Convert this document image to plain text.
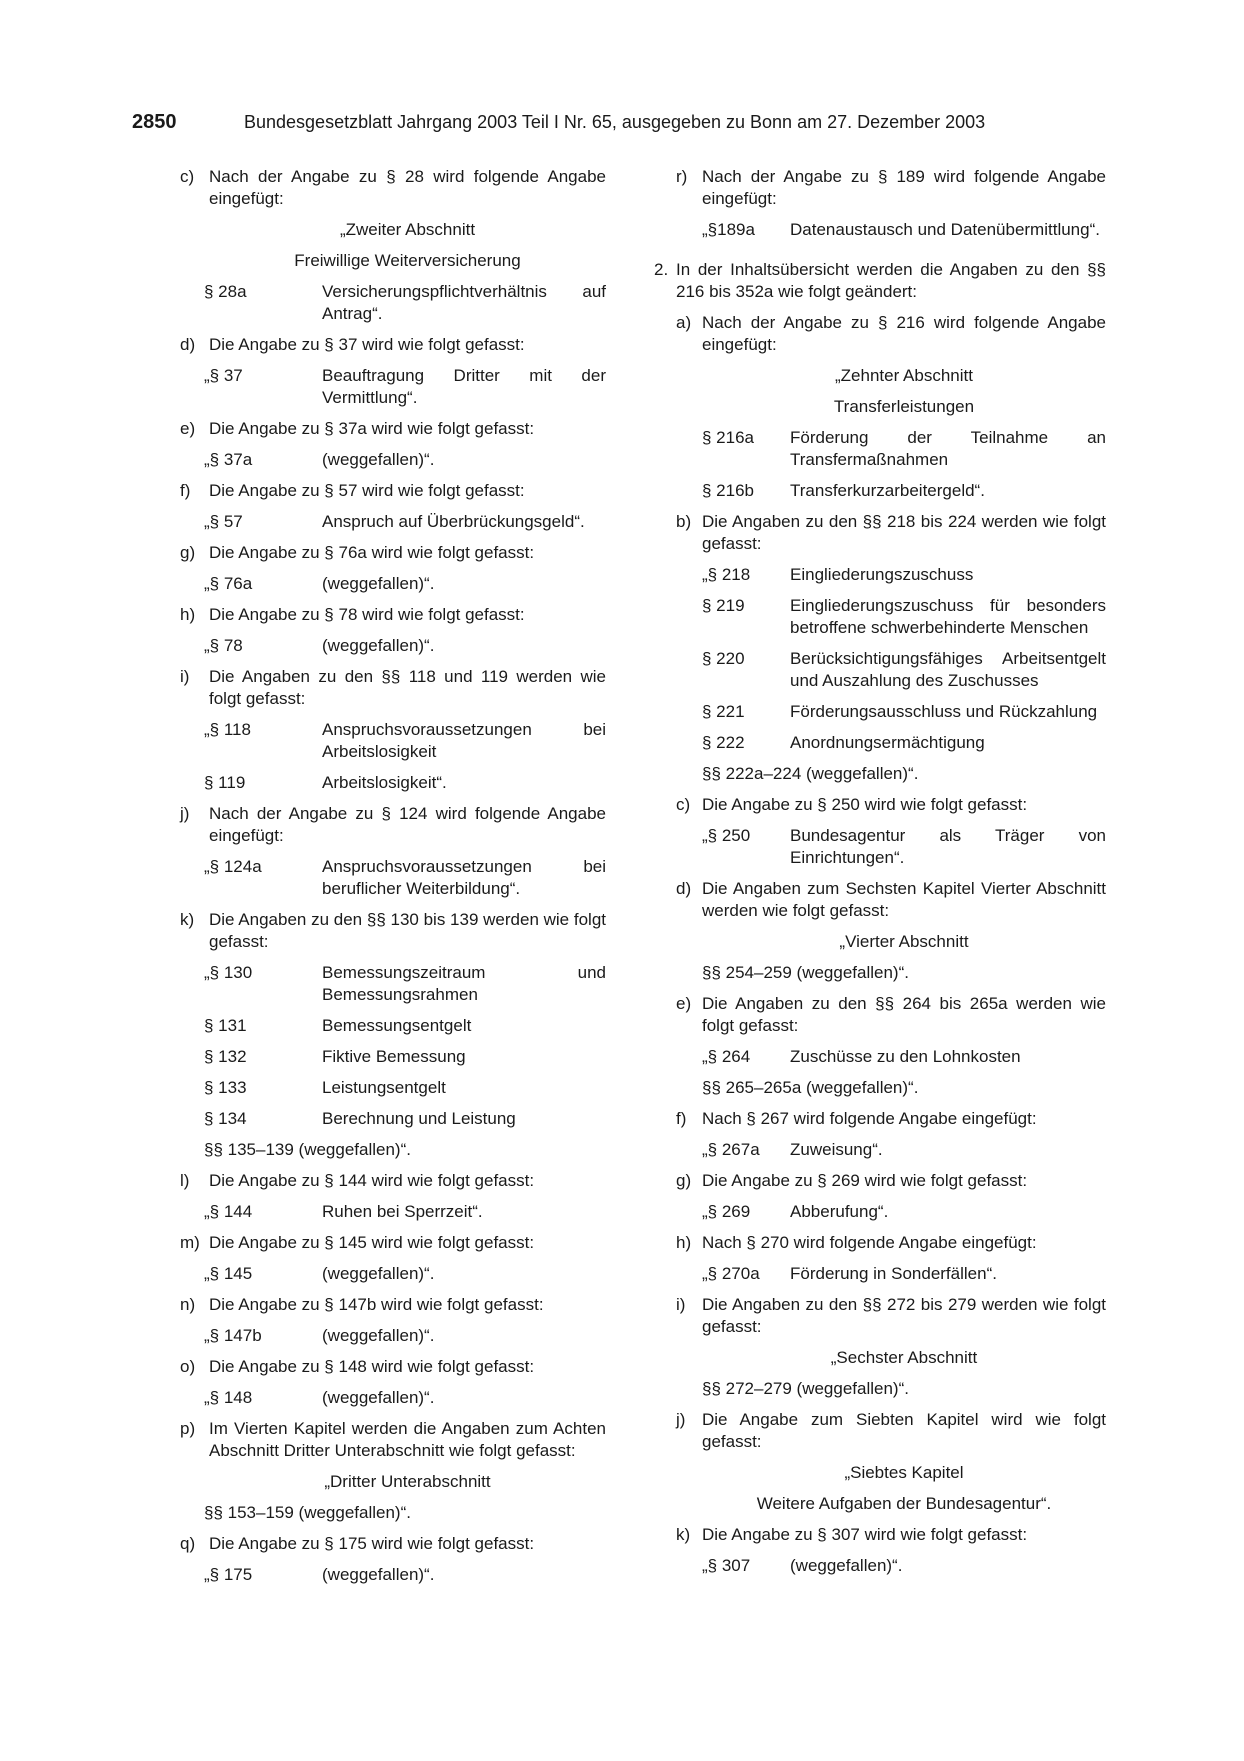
2850	Bundesgesetzblatt Jahrgang 2003 Teil I Nr. 65, ausgegeben zu Bonn am 27. Dezember 2003
c) Nach der Angabe zu § 28 wird folgende Angabe eingefügt:
„Zweiter Abschnitt
Freiwillige Weiterversicherung
§ 28a	Versicherungspflichtverhältnis auf Antrag“.
d) Die Angabe zu § 37 wird wie folgt gefasst:
„§ 37	Beauftragung Dritter mit der Vermittlung“.
e) Die Angabe zu § 37a wird wie folgt gefasst:
„§ 37a	(weggefallen)“.
f) Die Angabe zu § 57 wird wie folgt gefasst:
„§ 57	Anspruch auf Überbrückungsgeld“.
g) Die Angabe zu § 76a wird wie folgt gefasst:
„§ 76a	(weggefallen)“.
h) Die Angabe zu § 78 wird wie folgt gefasst:
„§ 78	(weggefallen)“.
i) Die Angaben zu den §§ 118 und 119 werden wie folgt gefasst:
„§ 118	Anspruchsvoraussetzungen bei Arbeitslosigkeit
§ 119	Arbeitslosigkeit“.
j) Nach der Angabe zu § 124 wird folgende Angabe eingefügt:
„§ 124a	Anspruchsvoraussetzungen bei beruflicher Weiterbildung“.
k) Die Angaben zu den §§ 130 bis 139 werden wie folgt gefasst:
„§ 130	Bemessungszeitraum und Bemessungsrahmen
§ 131	Bemessungsentgelt
§ 132	Fiktive Bemessung
§ 133	Leistungsentgelt
§ 134	Berechnung und Leistung
§§ 135–139 (weggefallen)“.
l) Die Angabe zu § 144 wird wie folgt gefasst:
„§ 144	Ruhen bei Sperrzeit“.
m) Die Angabe zu § 145 wird wie folgt gefasst:
„§ 145	(weggefallen)“.
n) Die Angabe zu § 147b wird wie folgt gefasst:
„§ 147b	(weggefallen)“.
o) Die Angabe zu § 148 wird wie folgt gefasst:
„§ 148	(weggefallen)“.
p) Im Vierten Kapitel werden die Angaben zum Achten Abschnitt Dritter Unterabschnitt wie folgt gefasst:
„Dritter Unterabschnitt
§§ 153–159 (weggefallen)“.
q) Die Angabe zu § 175 wird wie folgt gefasst:
„§ 175	(weggefallen)“.
r) Nach der Angabe zu § 189 wird folgende Angabe eingefügt:
„§189a Datenaustausch und Datenübermittlung“.
2. In der Inhaltsübersicht werden die Angaben zu den §§ 216 bis 352a wie folgt geändert:
a) Nach der Angabe zu § 216 wird folgende Angabe eingefügt:
„Zehnter Abschnitt
Transferleistungen
§ 216a Förderung der Teilnahme an Transfermaßnahmen
§ 216b Transferkurzarbeitergeld“.
b) Die Angaben zu den §§ 218 bis 224 werden wie folgt gefasst:
„§ 218 Eingliederungszuschuss
§ 219	Eingliederungszuschuss für besonders betroffene schwerbehinderte Menschen
§ 220	Berücksichtigungsfähiges Arbeitsentgelt und Auszahlung des Zuschusses
§ 221	Förderungsausschluss und Rückzahlung
§ 222	Anordnungsermächtigung
§§ 222a–224 (weggefallen)“.
c) Die Angabe zu § 250 wird wie folgt gefasst:
„§ 250 Bundesagentur als Träger von Einrichtungen“.
d) Die Angaben zum Sechsten Kapitel Vierter Abschnitt werden wie folgt gefasst:
„Vierter Abschnitt
§§ 254–259 (weggefallen)“.
e) Die Angaben zu den §§ 264 bis 265a werden wie folgt gefasst:
„§ 264 Zuschüsse zu den Lohnkosten
§§ 265–265a (weggefallen)“.
f) Nach § 267 wird folgende Angabe eingefügt:
„§ 267a Zuweisung“.
g) Die Angabe zu § 269 wird wie folgt gefasst:
„§ 269 Abberufung“.
h) Nach § 270 wird folgende Angabe eingefügt:
„§ 270a Förderung in Sonderfällen“.
i) Die Angaben zu den §§ 272 bis 279 werden wie folgt gefasst:
„Sechster Abschnitt
§§ 272–279 (weggefallen)“.
j) Die Angabe zum Siebten Kapitel wird wie folgt gefasst:
„Siebtes Kapitel
Weitere Aufgaben der Bundesagentur“.
k) Die Angabe zu § 307 wird wie folgt gefasst:
„§ 307 (weggefallen)“.
